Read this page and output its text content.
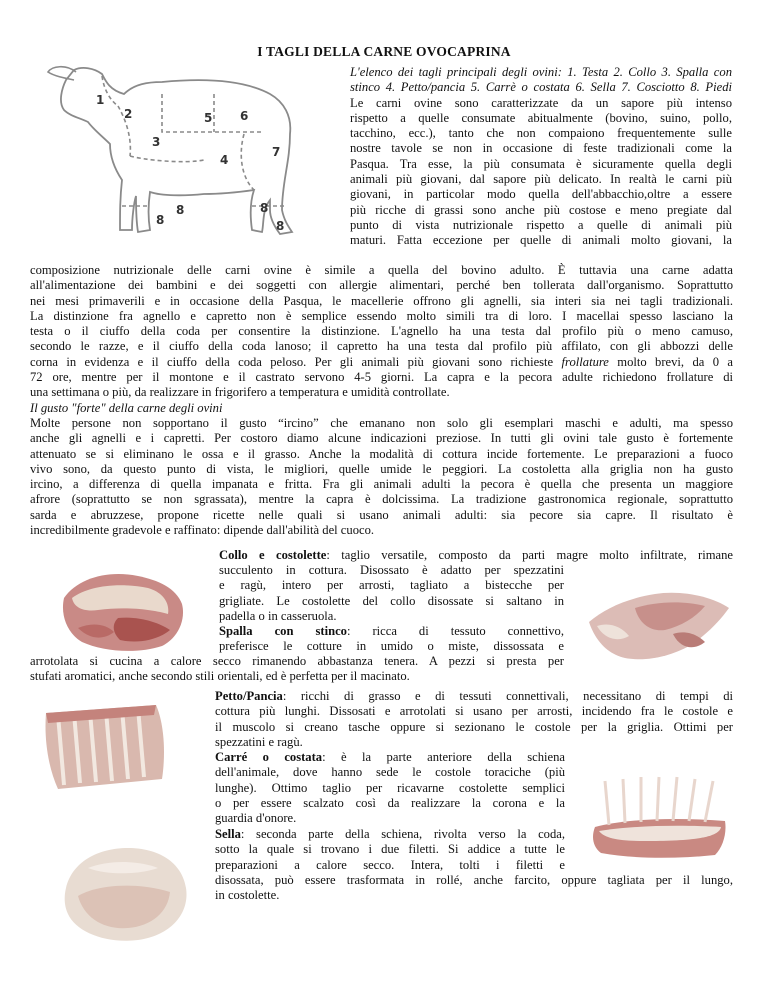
I TAGLI DELLA CARNE OVOCAPRINA
1
2
3
4
5 6
7
8
8
8
8
L'elenco dei tagli principali degli ovini: 1. Testa 2. Collo 3. Spalla con
stinco 4. Petto/pancia 5. Carrè o costata 6. Sella 7. Cosciotto 8. Piedi
Le carni ovine sono caratterizzate da un sapore più intenso
rispetto a quelle consumate abitualmente (bovino, suino, pollo,
tacchino, ecc.), tanto che non compaiono frequentemente sulle
nostre tavole se non in occasione di feste tradizionali come la
Pasqua. Tra esse, la più consumata è sicuramente quella degli
animali più giovani, dal sapore più delicato. In realtà le carni più
giovani, in particolar modo quella dell'abbacchio,oltre a essere
più ricche di grassi sono anche più costose e meno pregiate dal
punto di vista nutrizionale rispetto a quelle di animali più
maturi. Fatta eccezione per quelle di animali molto giovani, la
composizione nutrizionale delle carni ovine è simile a quella del bovino adulto. È tuttavia una carne adatta
all'alimentazione dei bambini e dei soggetti con allergie alimentari, perché ben tollerata dall'organismo. Soprattutto
nei mesi primaverili e in occasione della Pasqua, le macellerie offrono gli agnelli, sia interi sia nei tagli tradizionali.
La distinzione fra agnello e capretto non è semplice essendo molto simili tra di loro. I macellai spesso lasciano la
testa o il ciuffo della coda per consentire la distinzione. L'agnello ha una testa dal profilo più o meno camuso,
secondo le razze, e il ciuffo della coda lanoso; il capretto ha una testa dal profilo più affilato, con gli abbozzi delle
corna in evidenza e il ciuffo della coda peloso. Per gli animali più giovani sono richieste frollature molto brevi, da 0 a
72 ore, mentre per il montone e il castrato servono 4-5 giorni. La capra e la pecora adulte richiedono frollature di
una settimana o più, da realizzare in frigorifero a temperatura e umidità controllate.
Il gusto "forte" della carne degli ovini
Molte persone non sopportano il gusto “ircino” che emanano non solo gli esemplari maschi e adulti, ma spesso
anche gli agnelli e i capretti. Per costoro diamo alcune indicazioni preziose. In tutti gli ovini tale gusto è fortemente
attenuato se si eliminano le ossa e il grasso. Anche la modalità di cottura incide fortemente. Le preparazioni a fuoco
vivo sono, da questo punto di vista, le migliori, quelle umide le peggiori. La costoletta alla griglia non ha gusto
ircino, a differenza di quella impanata e fritta. Fra gli animali adulti la pecora è quella che presenta un maggiore
afrore (soprattutto se non sgrassata), mentre la capra è dolcissima. La tradizione gastronomica regionale, soprattutto
sarda e abruzzese, propone ricette nelle quali si usano animali adulti: sia pecore sia capre. Il risultato è
incredibilmente gradevole e raffinato: dipende dall'abilità del cuoco.
Collo e costolette: taglio versatile, composto da parti magre molto infiltrate, rimane
succulento in cottura. Disossato è adatto per spezzatini
e ragù, intero per arrosti, tagliato a bistecche per
grigliate. Le costolette del collo disossate si saltano in
padella o in casseruola.
Spalla con stinco: ricca di tessuto connettivo,
preferisce le cotture in umido o miste, dissossata e
arrotolata si cucina a calore secco rimanendo abbastanza tenera. A pezzi si presta per
stufati aromatici, anche secondo stili orientali, ed è perfetta per il macinato.
Petto/Pancia: ricchi di grasso e di tessuti connettivali, necessitano di tempi di
cottura più lunghi. Dissosati e arrotolati si usano per arrosti, incidendo fra le costole e
il muscolo si creano tasche oppure si sezionano le costole per la griglia. Ottimi per
spezzatini e ragù.
Carré o costata: è la parte anteriore della schiena
dell'animale, dove hanno sede le costole toraciche (più
lunghe). Ottimo taglio per ricavarne costolette semplici
o per essere scalzato così da realizzare la corona e la
guardia d'onore.
Sella: seconda parte della schiena, rivolta verso la coda,
sotto la quale si trovano i due filetti. Si addice a tutte le
preparazioni a calore secco. Intera, tolti i filetti e
disossata, può essere trasformata in rollé, anche farcito, oppure tagliata per il lungo,
in costolette.
